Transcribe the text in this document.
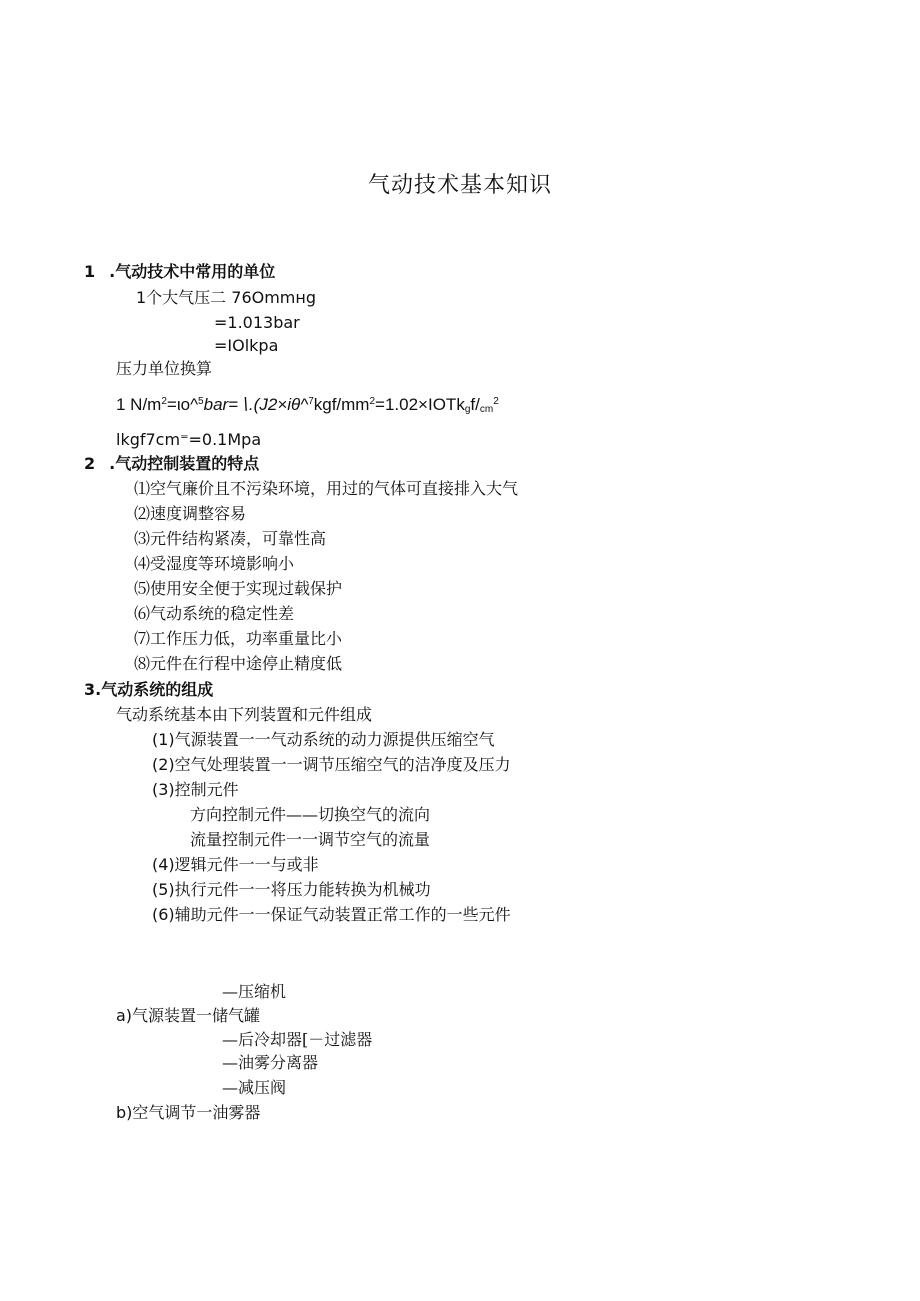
气动技术基本知识
1 .气动技术中常用的单位
1个大气压二 76Ommнg
=1.013bar
=IOlkpa
压力单位换算
1 $N/m^2=\iota o\^{}^5bar=∖.(J2\times i\theta\^{}^7kgf/mm^2=1.02\times IOTk_gf/_{cm}^2$
lkgf7cm⁼=0.1Mpa
2 .气动控制装置的特点
⑴空气廉价且不污染环境，用过的气体可直接排入大气
⑵速度调整容易
⑶元件结构紧凑，可靠性高
⑷受湿度等环境影响小
⑸使用安全便于实现过载保护
⑹气动系统的稳定性差
⑺工作压力低，功率重量比小
⑻元件在行程中途停止精度低
3.气动系统的组成
气动系统基本由下列装置和元件组成
(1)气源装置一一气动系统的动力源提供压缩空气
(2)空气处理装置一一调节压缩空气的洁净度及压力
(3)控制元件
方向控制元件——切换空气的流向
流量控制元件一一调节空气的流量
(4)逻辑元件一一与或非
(5)执行元件一一将压力能转换为机械功
(6)辅助元件一一保证气动装置正常工作的一些元件
—压缩机
a)气源装置一储气罐
—后冷却器[－过滤器
—油雾分离器
—减压阀
b)空气调节一油雾器
